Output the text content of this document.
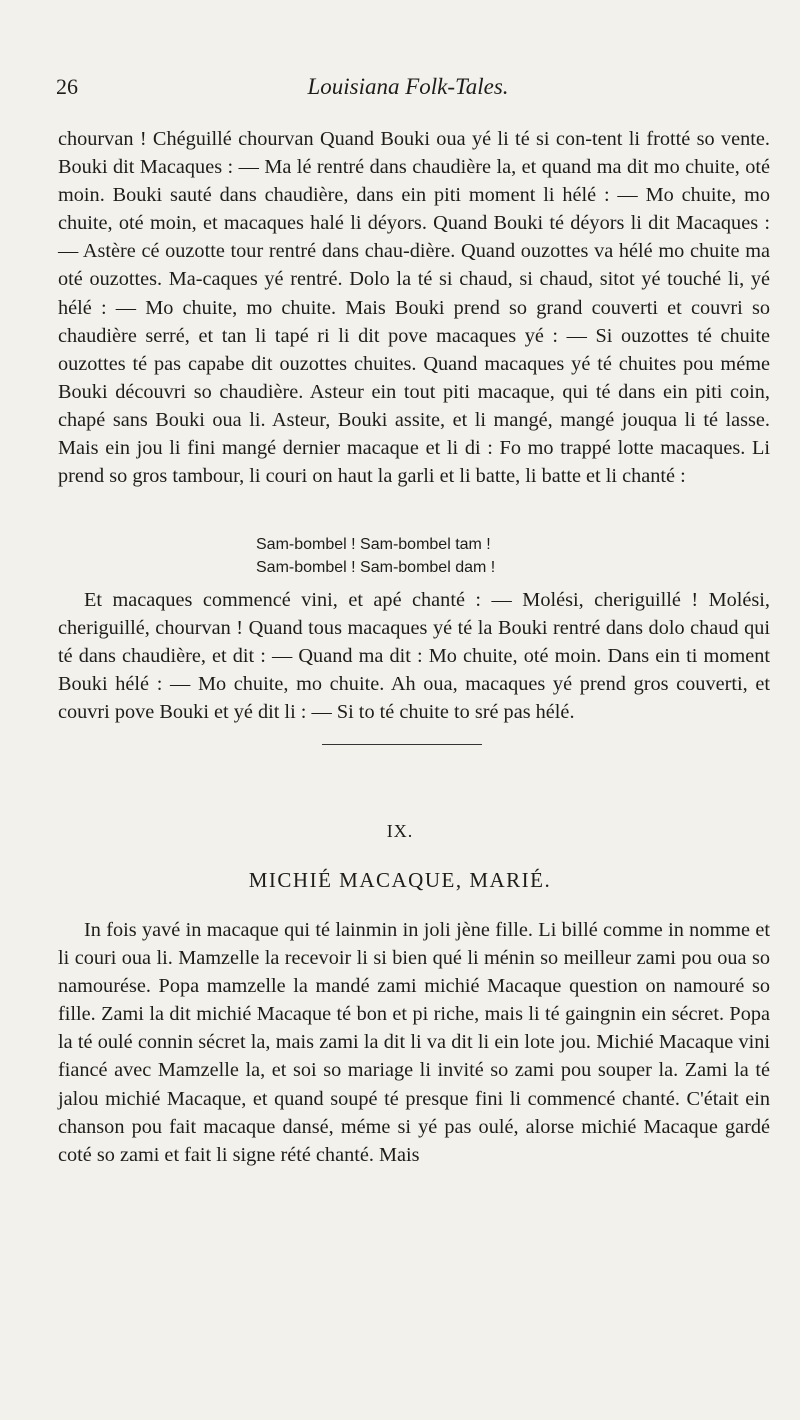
26	Louisiana Folk-Tales.

chourvan ! Chéguillé chourvan Quand Bouki oua yé li té si con-tent li frotté so vente. Bouki dit Macaques : — Ma lé rentré dans chaudière la, et quand ma dit mo chuite, oté moin. Bouki sauté dans chaudière, dans ein piti moment li hélé : — Mo chuite, mo chuite, oté moin, et macaques halé li déyors. Quand Bouki té déyors li dit Macaques : — Astère cé ouzotte tour rentré dans chau-dière. Quand ouzottes va hélé mo chuite ma oté ouzottes. Ma-caques yé rentré. Dolo la té si chaud, si chaud, sitot yé touché li, yé hélé : — Mo chuite, mo chuite. Mais Bouki prend so grand couverti et couvri so chaudière serré, et tan li tapé ri li dit pove macaques yé : — Si ouzottes té chuite ouzottes té pas capabe dit ouzottes chuites. Quand macaques yé té chuites pou méme Bouki découvri so chaudière. Asteur ein tout piti macaque, qui té dans ein piti coin, chapé sans Bouki oua li. Asteur, Bouki assite, et li mangé, mangé jouqua li té lasse. Mais ein jou li fini mangé dernier macaque et li di : Fo mo trappé lotte macaques. Li prend so gros tambour, li couri on haut la garli et li batte, li batte et li chanté :

Sam-bombel ! Sam-bombel tam !
Sam-bombel ! Sam-bombel dam !

Et macaques commencé vini, et apé chanté : — Molési, cheriguillé ! Molési, cheriguillé, chourvan ! Quand tous macaques yé té la Bouki rentré dans dolo chaud qui té dans chaudière, et dit : — Quand ma dit : Mo chuite, oté moin. Dans ein ti moment Bouki hélé : — Mo chuite, mo chuite. Ah oua, macaques yé prend gros couverti, et couvri pove Bouki et yé dit li : — Si to té chuite to sré pas hélé.

IX.
MICHIÉ MACAQUE, MARIÉ.

In fois yavé in macaque qui té lainmin in joli jène fille. Li billé comme in nomme et li couri oua li. Mamzelle la recevoir li si bien qué li ménin so meilleur zami pou oua so namourése. Popa mamzelle la mandé zami michié Macaque question on namouré so fille. Zami la dit michié Macaque té bon et pi riche, mais li té gaingnin ein sécret. Popa la té oulé connin sécret la, mais zami la dit li va dit li ein lote jou. Michié Macaque vini fiancé avec Mamzelle la, et soi so mariage li invité so zami pou souper la. Zami la té jalou michié Macaque, et quand soupé té presque fini li commencé chanté. C'était ein chanson pou fait macaque dansé, méme si yé pas oulé, alorse michié Macaque gardé coté so zami et fait li signe rété chanté. Mais
